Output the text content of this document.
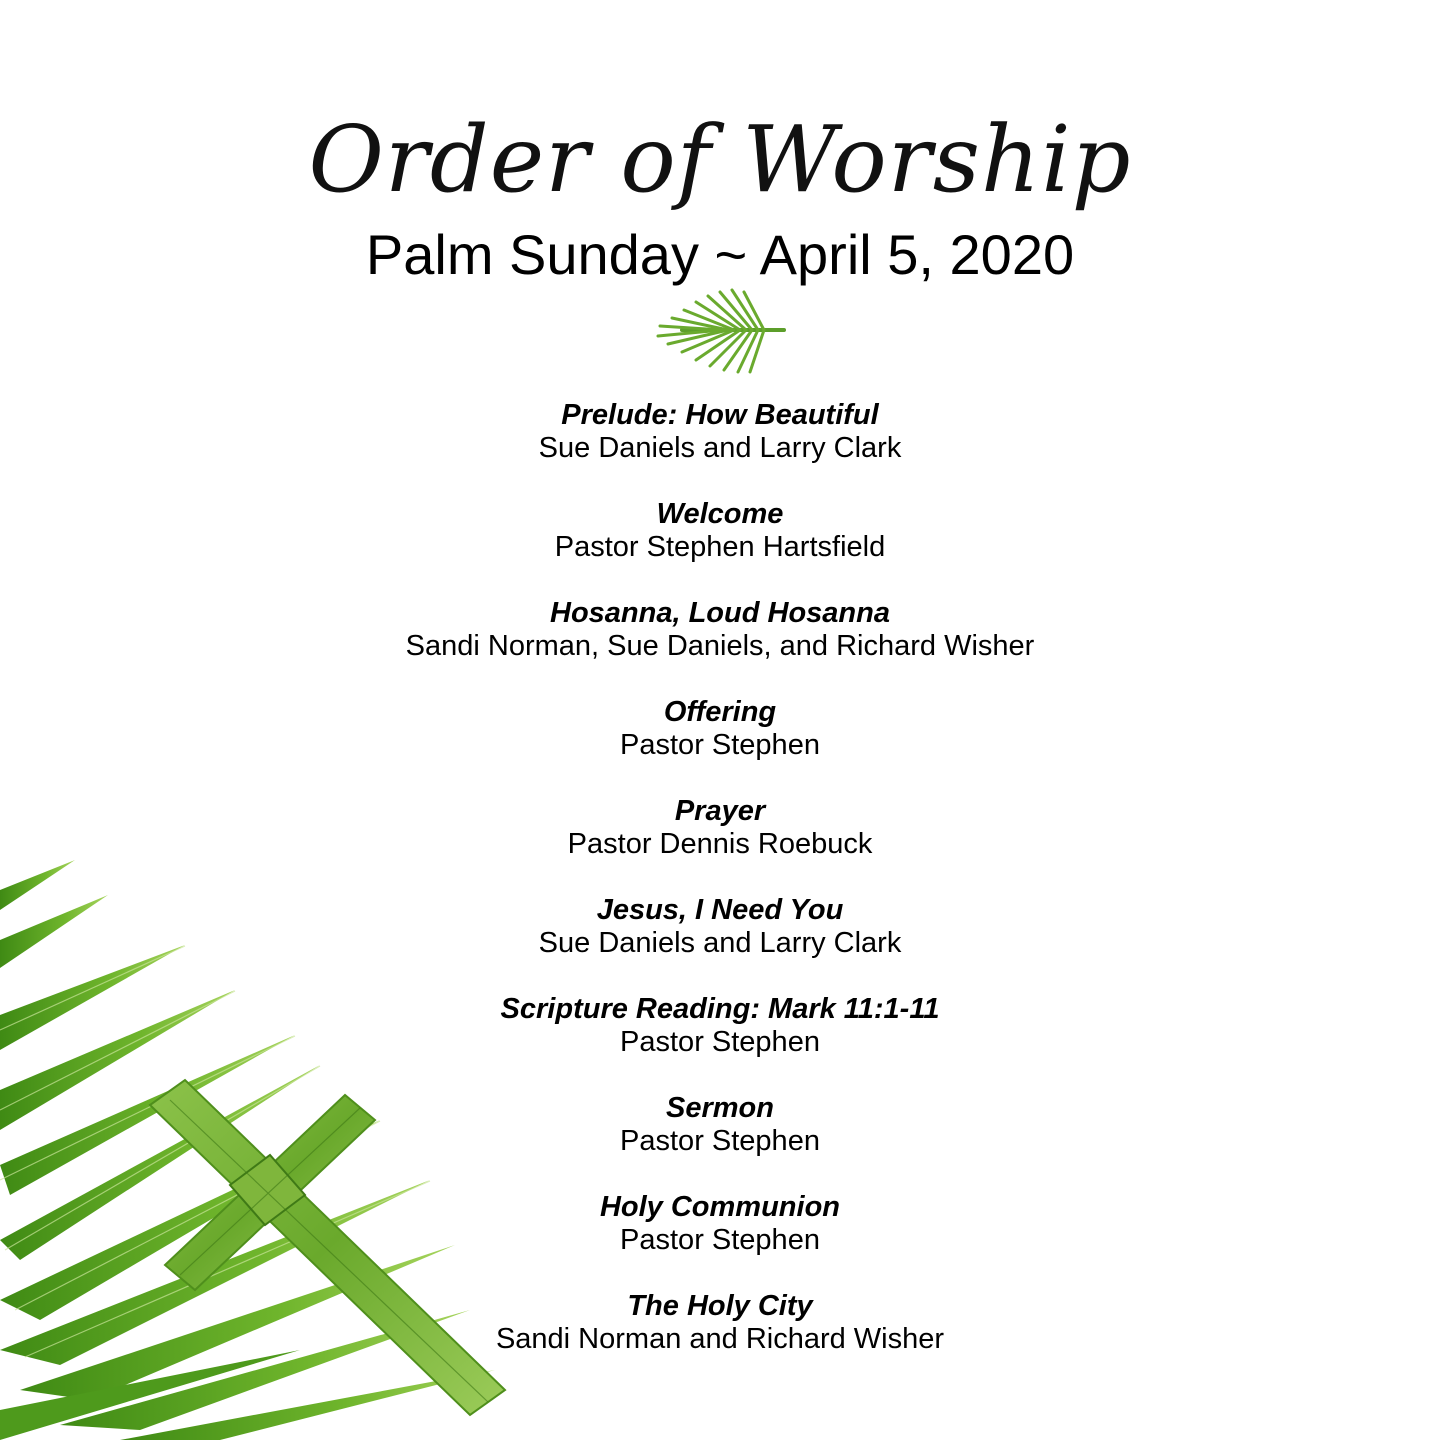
Order of Worship
Palm Sunday ~ April 5, 2020
Prelude: How Beautiful
Sue Daniels and Larry Clark
Welcome
Pastor Stephen Hartsfield
Hosanna, Loud Hosanna
Sandi Norman, Sue Daniels, and Richard Wisher
Offering
Pastor Stephen
Prayer
Pastor Dennis Roebuck
Jesus, I Need You
Sue Daniels and Larry Clark
Scripture Reading: Mark 11:1-11
Pastor Stephen
Sermon
Pastor Stephen
Holy Communion
Pastor Stephen
The Holy City
Sandi Norman and Richard Wisher
